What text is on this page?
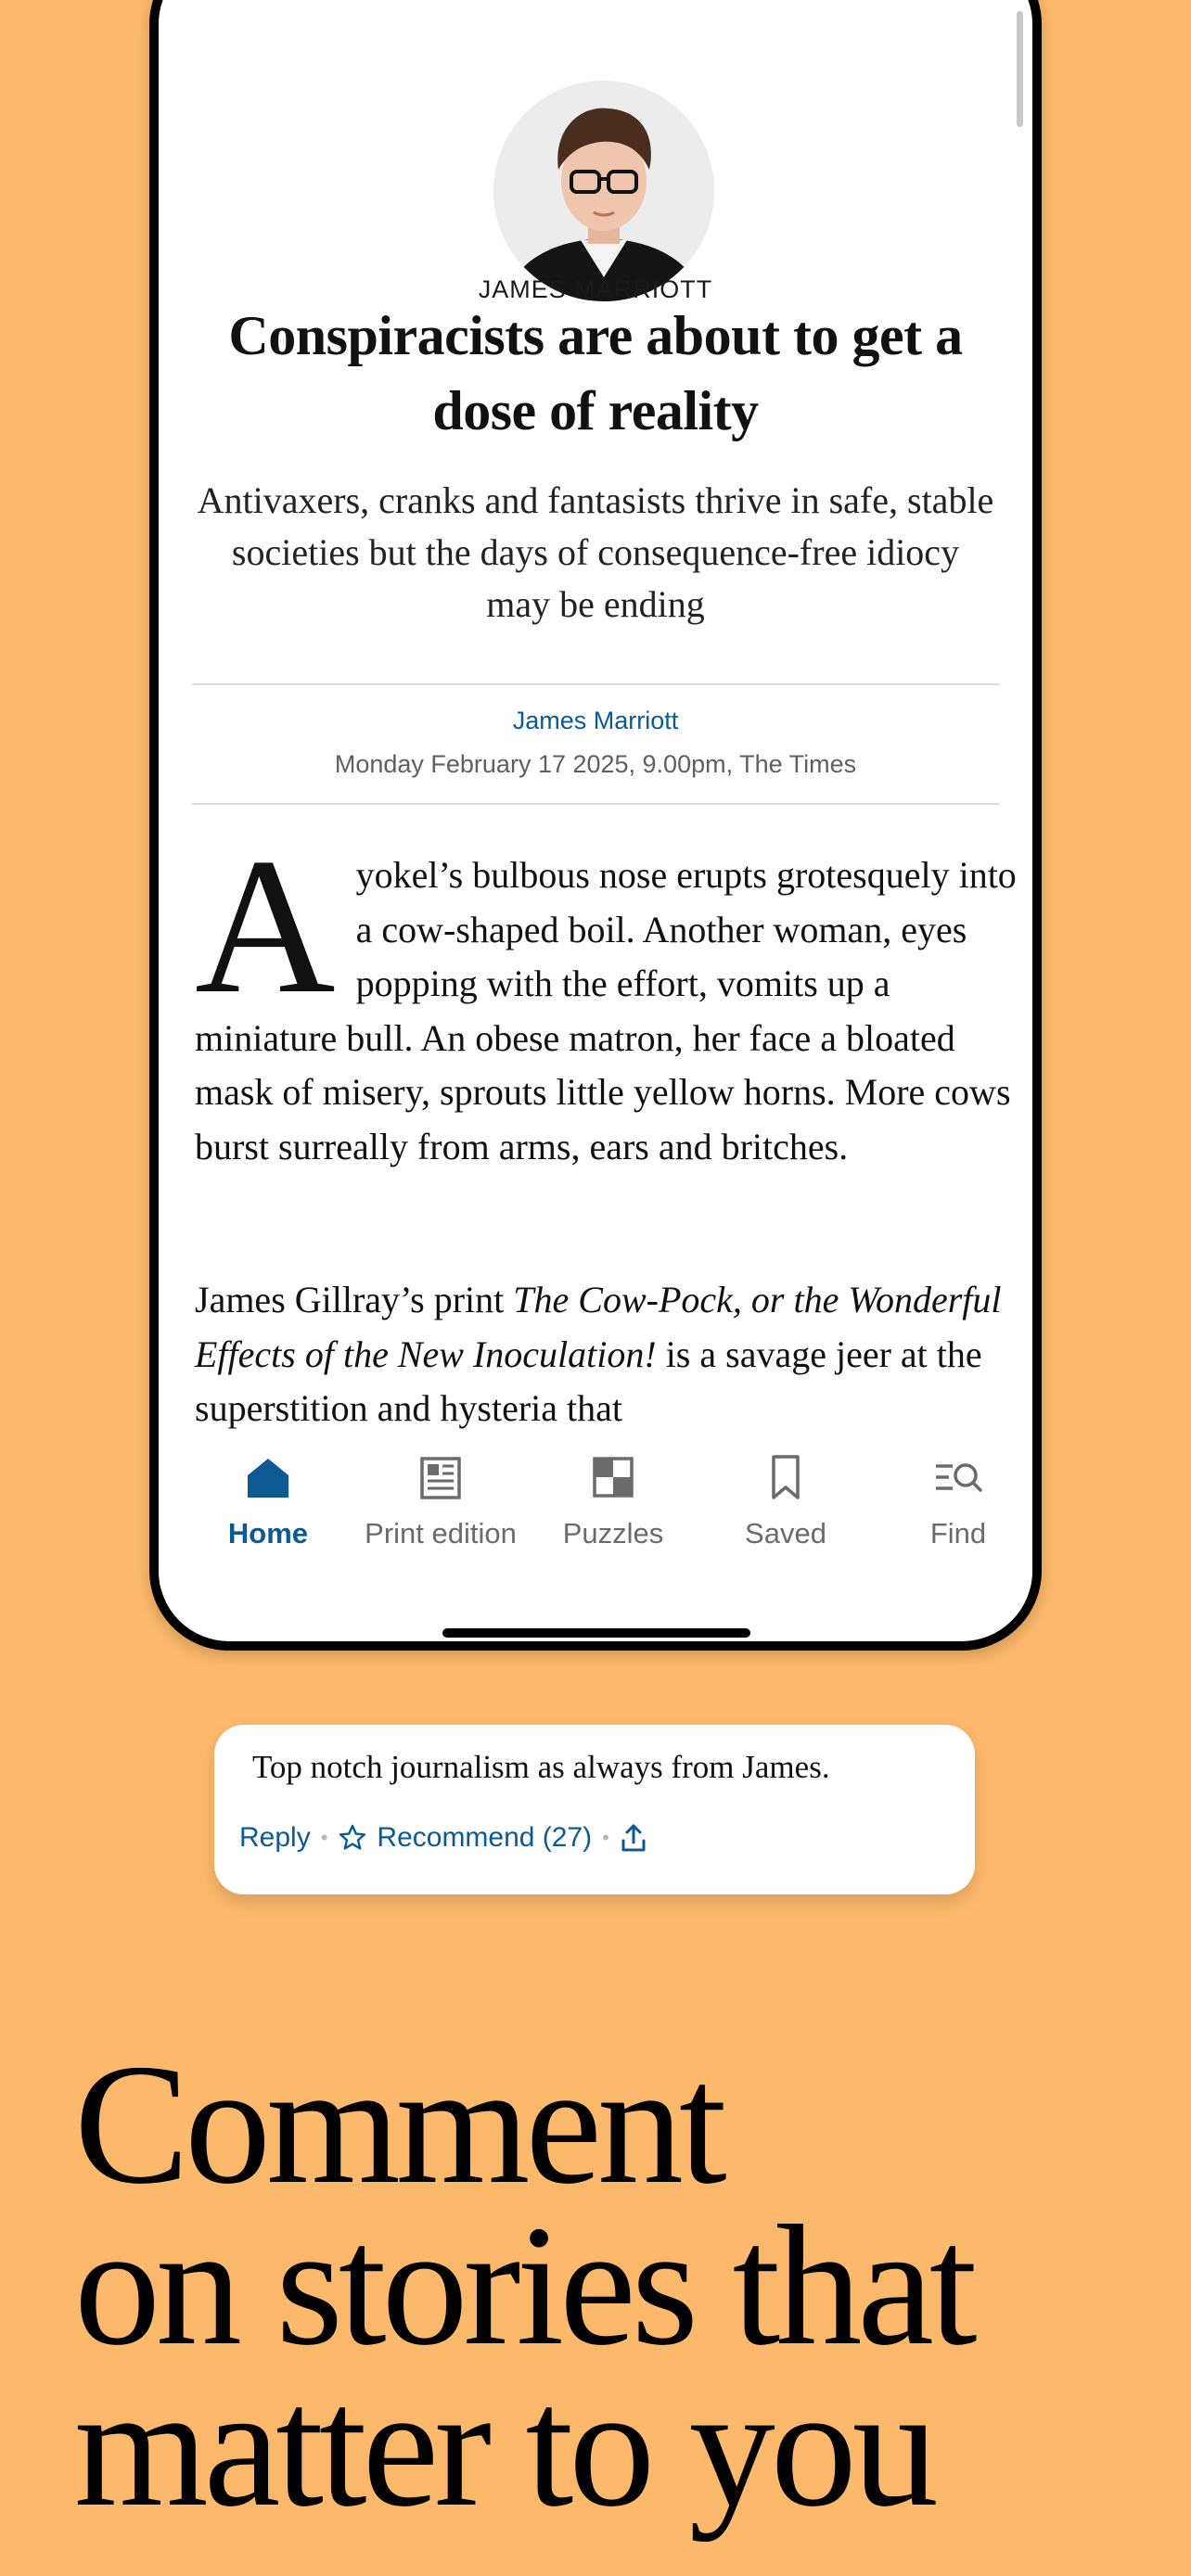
JAMES MARRIOTT
Conspiracists are about to get a dose of reality
Antivaxers, cranks and fantasists thrive in safe, stable societies but the days of consequence-free idiocy may be ending
James Marriott
Monday February 17 2025, 9.00pm, The Times
Ayokel’s bulbous nose erupts grotesquely into a cow-shaped boil. Another woman, eyes popping with the effort, vomits up a miniature bull. An obese matron, her face a bloated mask of misery, sprouts little yellow horns. More cows burst surreally from arms, ears and britches.
James Gillray’s print The Cow-Pock, or the Wonderful Effects of the New Inoculation! is a savage jeer at the superstition and hysteria that
Home	Print edition	Puzzles	Saved	Find
Top notch journalism as always from James.
Reply • Recommend (27) •
Comment
on stories that
matter to you
